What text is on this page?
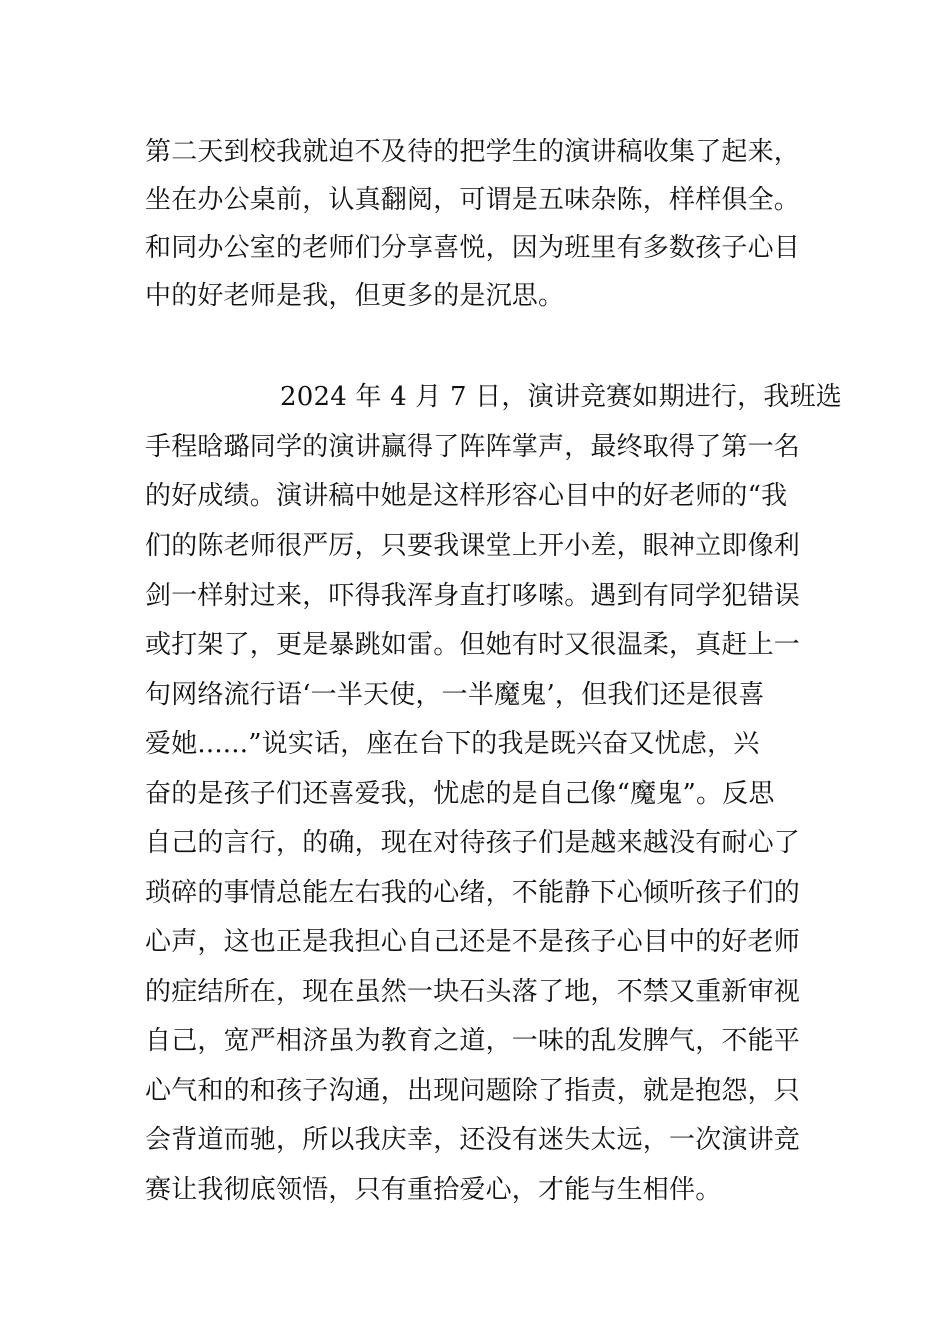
第二天到校我就迫不及待的把学生的演讲稿收集了起来，
坐在办公桌前，认真翻阅，可谓是五味杂陈，样样俱全。
和同办公室的老师们分享喜悦，因为班里有多数孩子心目
中的好老师是我，但更多的是沉思。
2024 年 4 月 7 日，演讲竞赛如期进行，我班选
手程晗璐同学的演讲赢得了阵阵掌声，最终取得了第一名
的好成绩。演讲稿中她是这样形容心目中的好老师的“我
们的陈老师很严厉，只要我课堂上开小差，眼神立即像利
剑一样射过来，吓得我浑身直打哆嗦。遇到有同学犯错误
或打架了，更是暴跳如雷。但她有时又很温柔，真赶上一
句网络流行语‘一半天使，一半魔鬼’，但我们还是很喜
爱她......”说实话，座在台下的我是既兴奋又忧虑，兴
奋的是孩子们还喜爱我，忧虑的是自己像“魔鬼”。反思
自己的言行，的确，现在对待孩子们是越来越没有耐心了
琐碎的事情总能左右我的心绪，不能静下心倾听孩子们的
心声，这也正是我担心自己还是不是孩子心目中的好老师
的症结所在，现在虽然一块石头落了地，不禁又重新审视
自己，宽严相济虽为教育之道，一味的乱发脾气，不能平
心气和的和孩子沟通，出现问题除了指责，就是抱怨，只
会背道而驰，所以我庆幸，还没有迷失太远，一次演讲竞
赛让我彻底领悟，只有重拾爱心，才能与生相伴。
